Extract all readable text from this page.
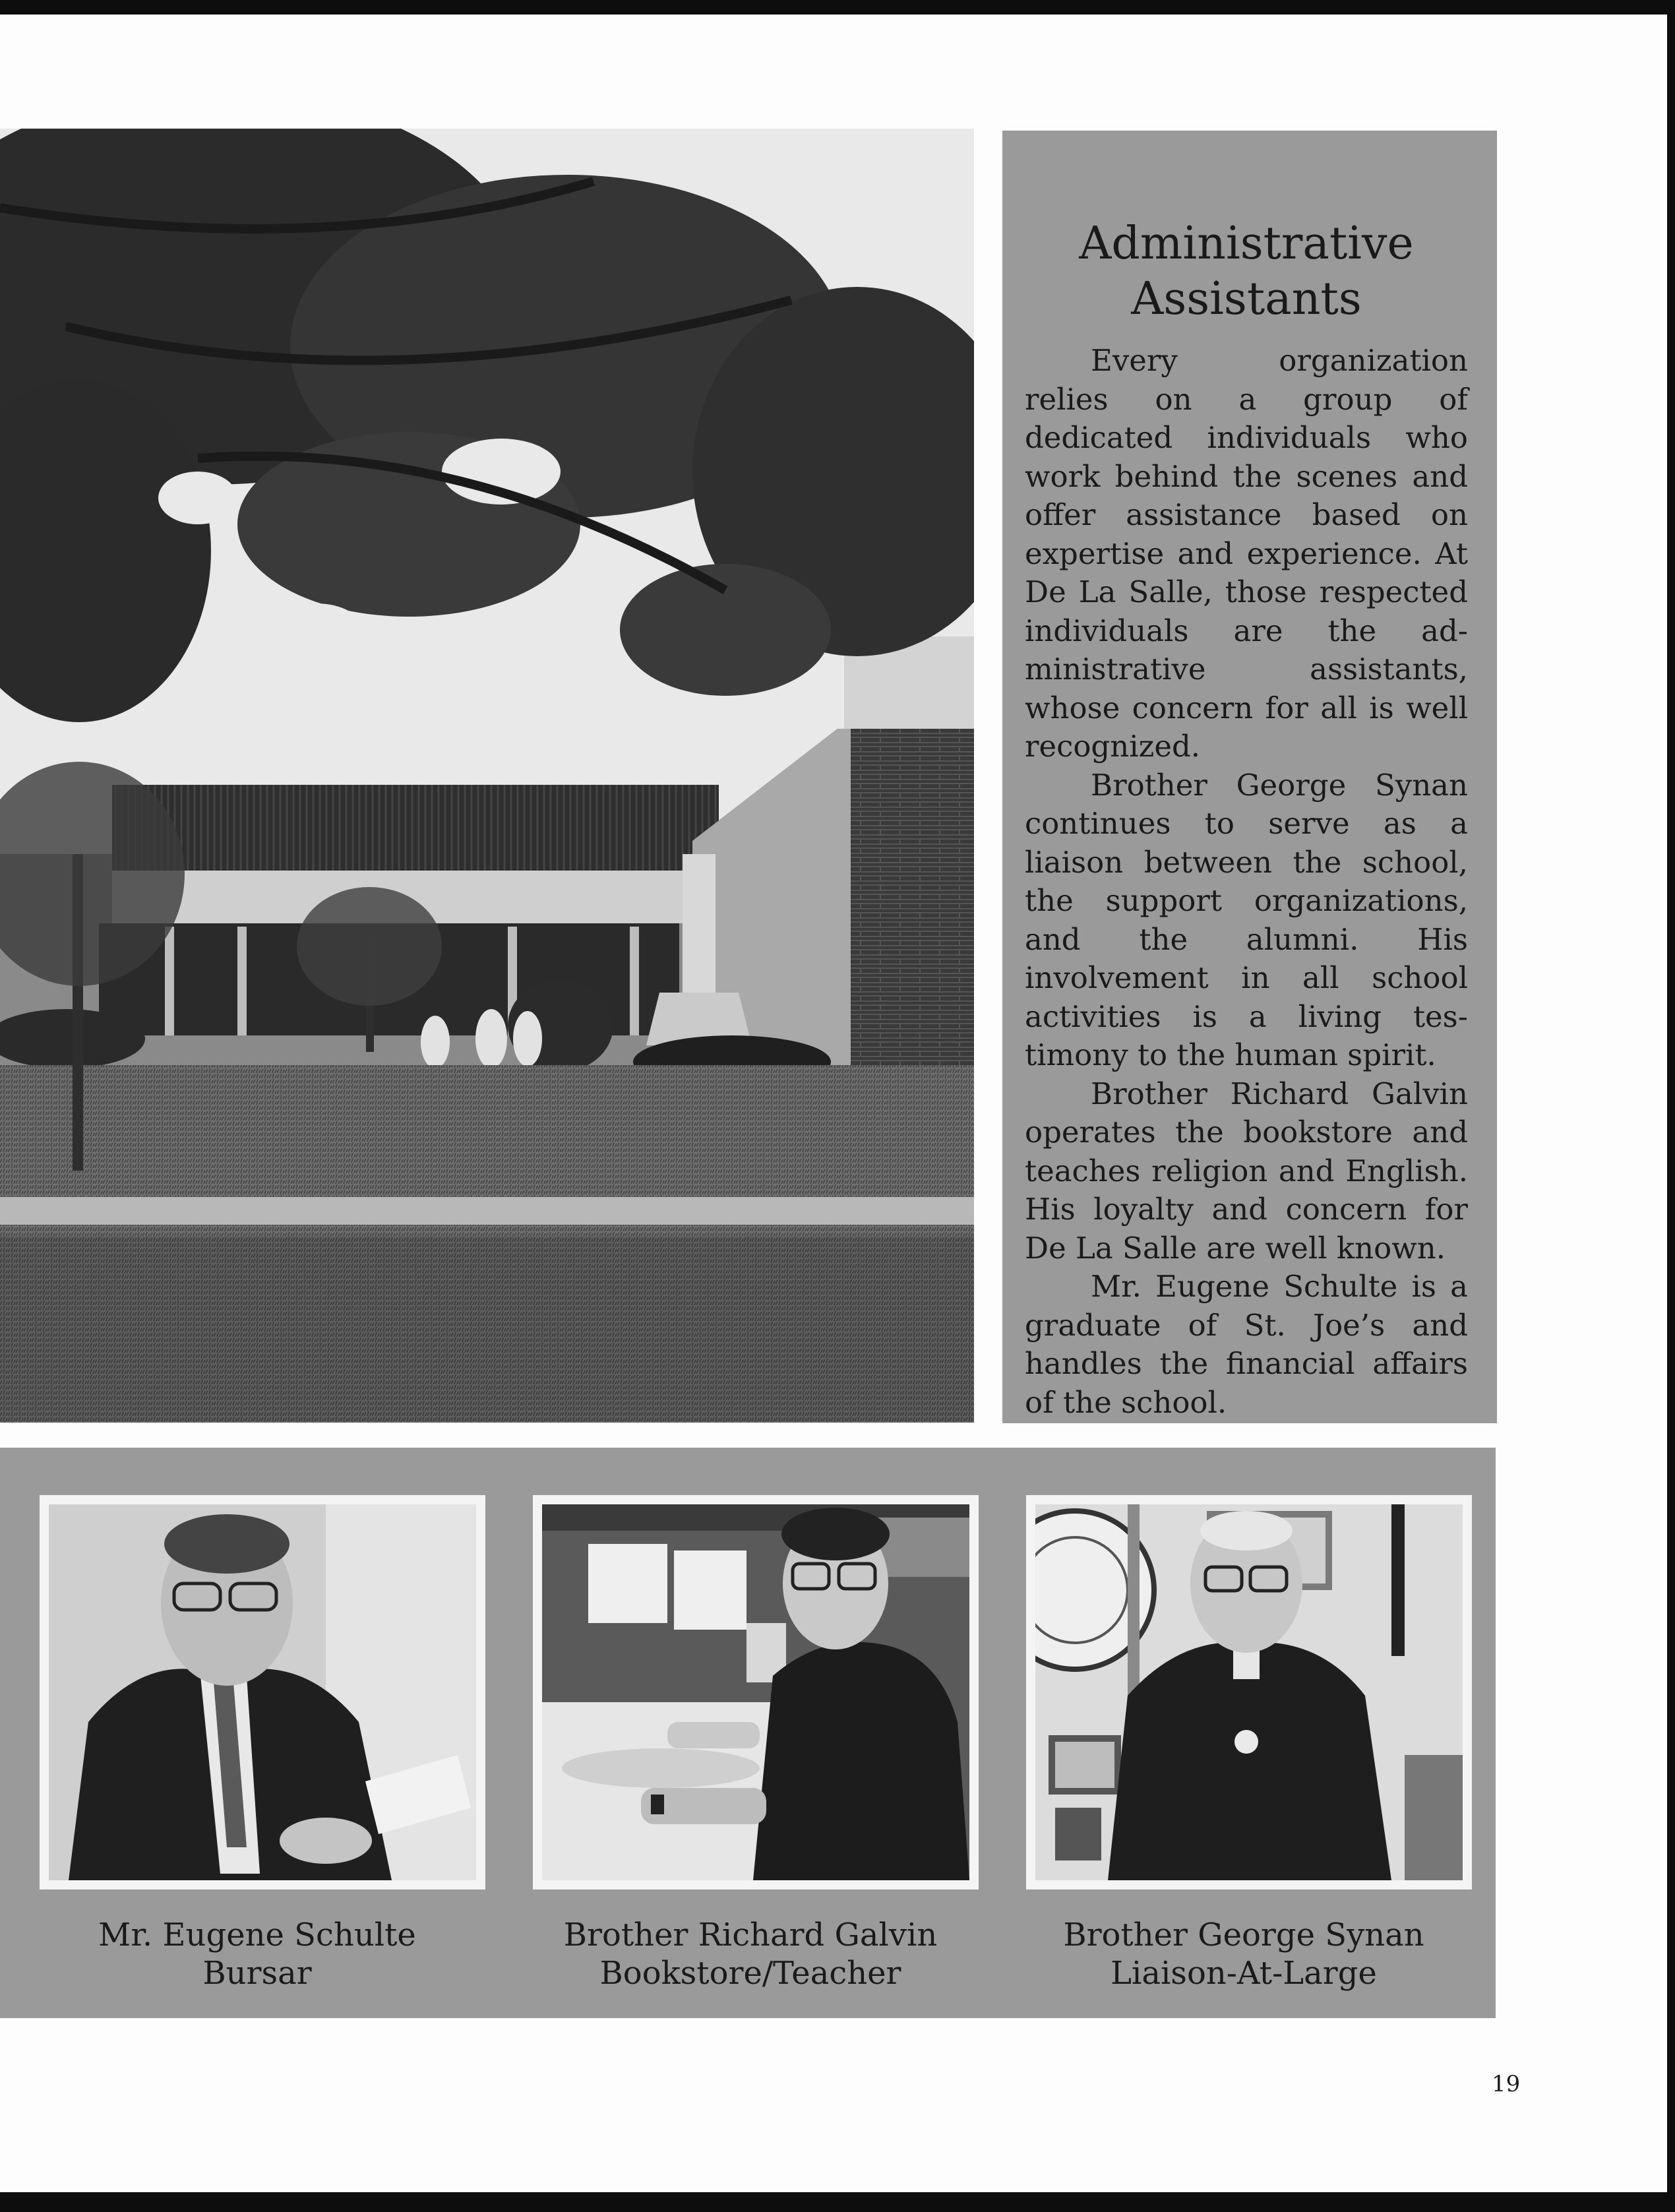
Administrative
Assistants

Every organization relies on a group of dedicated individuals who work behind the scenes and offer assistance based on expertise and experience. At De La Salle, those respected individuals are the administrative assistants, whose concern for all is well recognized.

Brother George Synan continues to serve as a liaison between the school, the support organizations, and the alumni. His involvement in all school activities is a living testimony to the human spirit.

Brother Richard Galvin operates the bookstore and teaches religion and English. His loyalty and concern for De La Salle are well known.

Mr. Eugene Schulte is a graduate of St. Joe’s and handles the financial affairs of the school.

Mr. Eugene Schulte
Bursar
Brother Richard Galvin
Bookstore/Teacher
Brother George Synan
Liaison-At-Large
19
